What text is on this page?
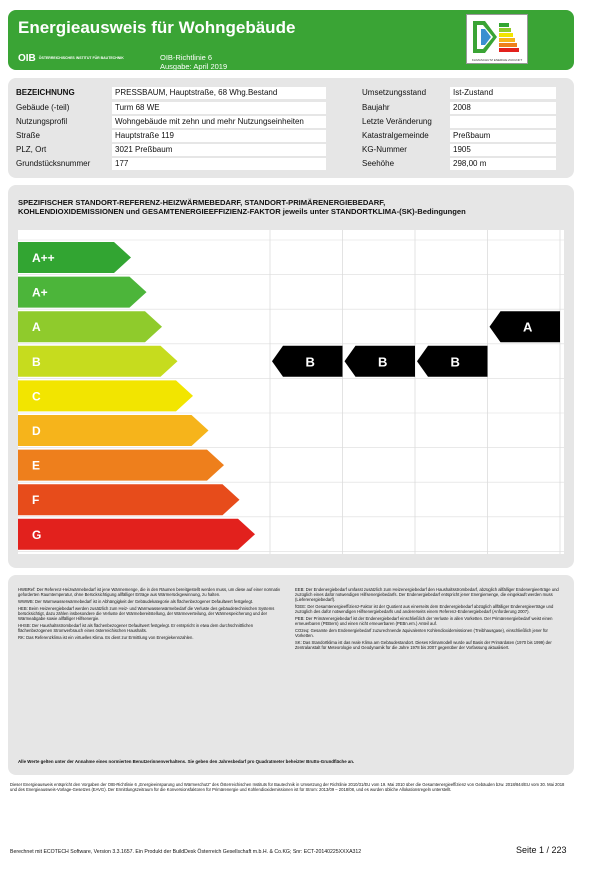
Energieausweis für Wohngebäude
OIB ÖSTERREICHISCHES INSTITUT FÜR BAUTECHNIK	OIB-Richtlinie 6
Ausgabe: April 2019
KLIMASCHUTZ ENERGIE ZUKUNFT
BEZEICHNUNG	PRESSBAUM, Hauptstraße, 68 Whg.Bestand
Gebäude (-teil)	Turm 68 WE
Nutzungsprofil	Wohngebäude mit zehn und mehr Nutzungseinheiten
Straße	Hauptstraße 119
PLZ, Ort	3021 Preßbaum
Grundstücksnummer	177
Umsetzungsstand	Ist-Zustand
Baujahr	2008
Letzte Veränderung
Katastralgemeinde	Preßbaum
KG-Nummer	1905
Seehöhe	298,00 m
SPEZIFISCHER STANDORT-REFERENZ-HEIZWÄRMEBEDARF, STANDORT-PRIMÄRENERGIEBEDARF,
KOHLENDIOXIDEMISSIONEN und GESAMTENERGIEEFFIZIENZ-FAKTOR jeweils unter STANDORTKLIMA-(SK)-Bedingungen
A++
A+
A
B
C
D
E
F
G
B	B	B
A

HWBRef: Der Referenz-Heizwärmebedarf ist jene Wärmemenge, die in den Räumen bereitgestellt werden muss, um diese auf einer normativ geforderten Raumtemperatur, ohne Berücksichtigung allfälliger Erträge aus Wärmerückgewinnung, zu halten.

WWWB: Der Warmwasserwärmebedarf ist in Abhängigkeit der Gebäudekategorie als flächenbezogener Defaultwert festgelegt.

HEB: Beim Heizenergiebedarf werden zusätzlich zum Heiz- und Warmwasserwärmebedarf die Verluste des gebäudetechnischen Systems berücksichtigt, dazu zählen insbesondere die Verluste der Wärmebereitstellung, der Wärmeverteilung, der Wärmespeicherung und der Wärmeabgabe sowie allfälliger Hilfsenergie.

HHSB: Der Haushaltsstrombedarf ist als flächenbezogener Defaultwert festgelegt. Er entspricht in etwa dem durchschnittlichen flächenbezogenen Stromverbrauch eines österreichischen Haushalts.

RK: Das Referenzklima ist ein virtuelles Klima. Es dient zur Ermittlung von Energiekennzahlen.

EEB: Der Endenergiebedarf umfasst zusätzlich zum Heizenergiebedarf den Haushaltsstrombedarf, abzüglich allfälliger Endenergieerträge und zuzüglich eines dafür notwendigen Hilfsenergiebedarfs. Der Endenergiebedarf entspricht jener Energiemenge, die eingekauft werden muss (Lieferenergiebedarf).

fGEE: Der Gesamtenergieeffizienz-Faktor ist der Quotient aus einerseits dem Endenergiebedarf abzüglich allfälliger Endenergieerträge und zuzüglich des dafür notwendigen Hilfsenergiebedarfs und andererseits einem Referenz-Endenergiebedarf (Anforderung 2007).

PEB: Der Primärenergiebedarf ist der Endenergiebedarf einschließlich der Verluste in allen Vorketten. Der Primärenergiebedarf weist einen erneuerbaren (PEBern) und einen nicht erneuerbaren (PEBn.ern.) Anteil auf.

CO2eq: Gesamte dem Endenergiebedarf zuzurechnende äquivalenten Kohlendioxidemissionen (Treibhausgase), einschließlich jener für Vorketten.

SK: Das Standortklima ist das reale Klima am Gebäudestandort. Dieses Klimamodell wurde auf Basis der Primärdaten (1970 bis 1999) der Zentralanstalt für Meteorologie und Geodynamik für die Jahre 1978 bis 2007 gegenüber der Vorfassung aktualisiert.

Alle Werte gelten unter der Annahme eines normierten Benutzerinnenverhaltens. Sie geben den Jahresbedarf pro Quadratmeter beheizter Brutto-Grundfläche an.
Dieser Energieausweis entspricht den Vorgaben der OIB-Richtlinie 6 „Energieeinsparung und Wärmeschutz“ des Österreichischen Instituts für Bautechnik in Umsetzung der Richtlinie 2010/31/EU vom 19. Mai 2010 über die Gesamtenergieeffizienz von Gebäuden bzw. 2018/844/EU vom 30. Mai 2018 und des Energieausweis-Vorlage-Gesetzes (EAVG). Der Ermittlungszeitraum für die Konversionsfaktoren für Primärenergie und Kohlendioxidemissionen ist für Strom: 2013/09 – 2018/08, und es wurden übliche Allokationsregeln unterstellt.
Berechnet mit ECOTECH Software, Version 3.3.1657. Ein Produkt der BuildDesk Österreich Gesellschaft m.b.H. & Co.KG; Snr: ECT-20140225XXXA312	Seite 1 / 223
